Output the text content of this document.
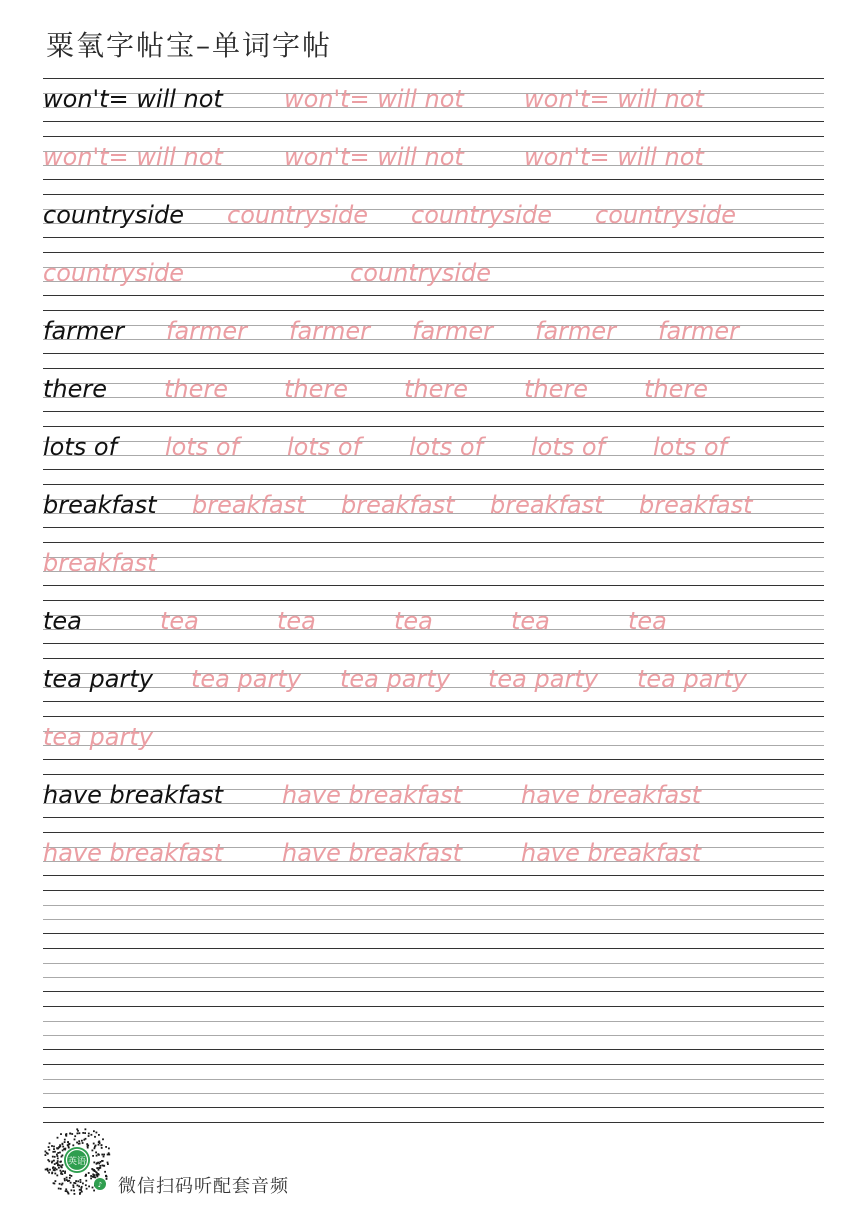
粟氧字帖宝–单词字帖
won't= will not	won't= will not	won't= will not
won't= will not	won't= will not	won't= will not
countryside countryside countryside countryside
countryside	countryside
farmer farmer farmer farmer farmer farmer
there there there there there there
lots of lots of lots of lots of lots of lots of
breakfast breakfast breakfast breakfast breakfast
breakfast
tea	tea	tea	tea	tea	tea
tea party tea party tea party tea party tea party
tea party
have breakfast have breakfast have breakfast
have breakfast have breakfast have breakfast
英语
♪ 微信扫码听配套音频
